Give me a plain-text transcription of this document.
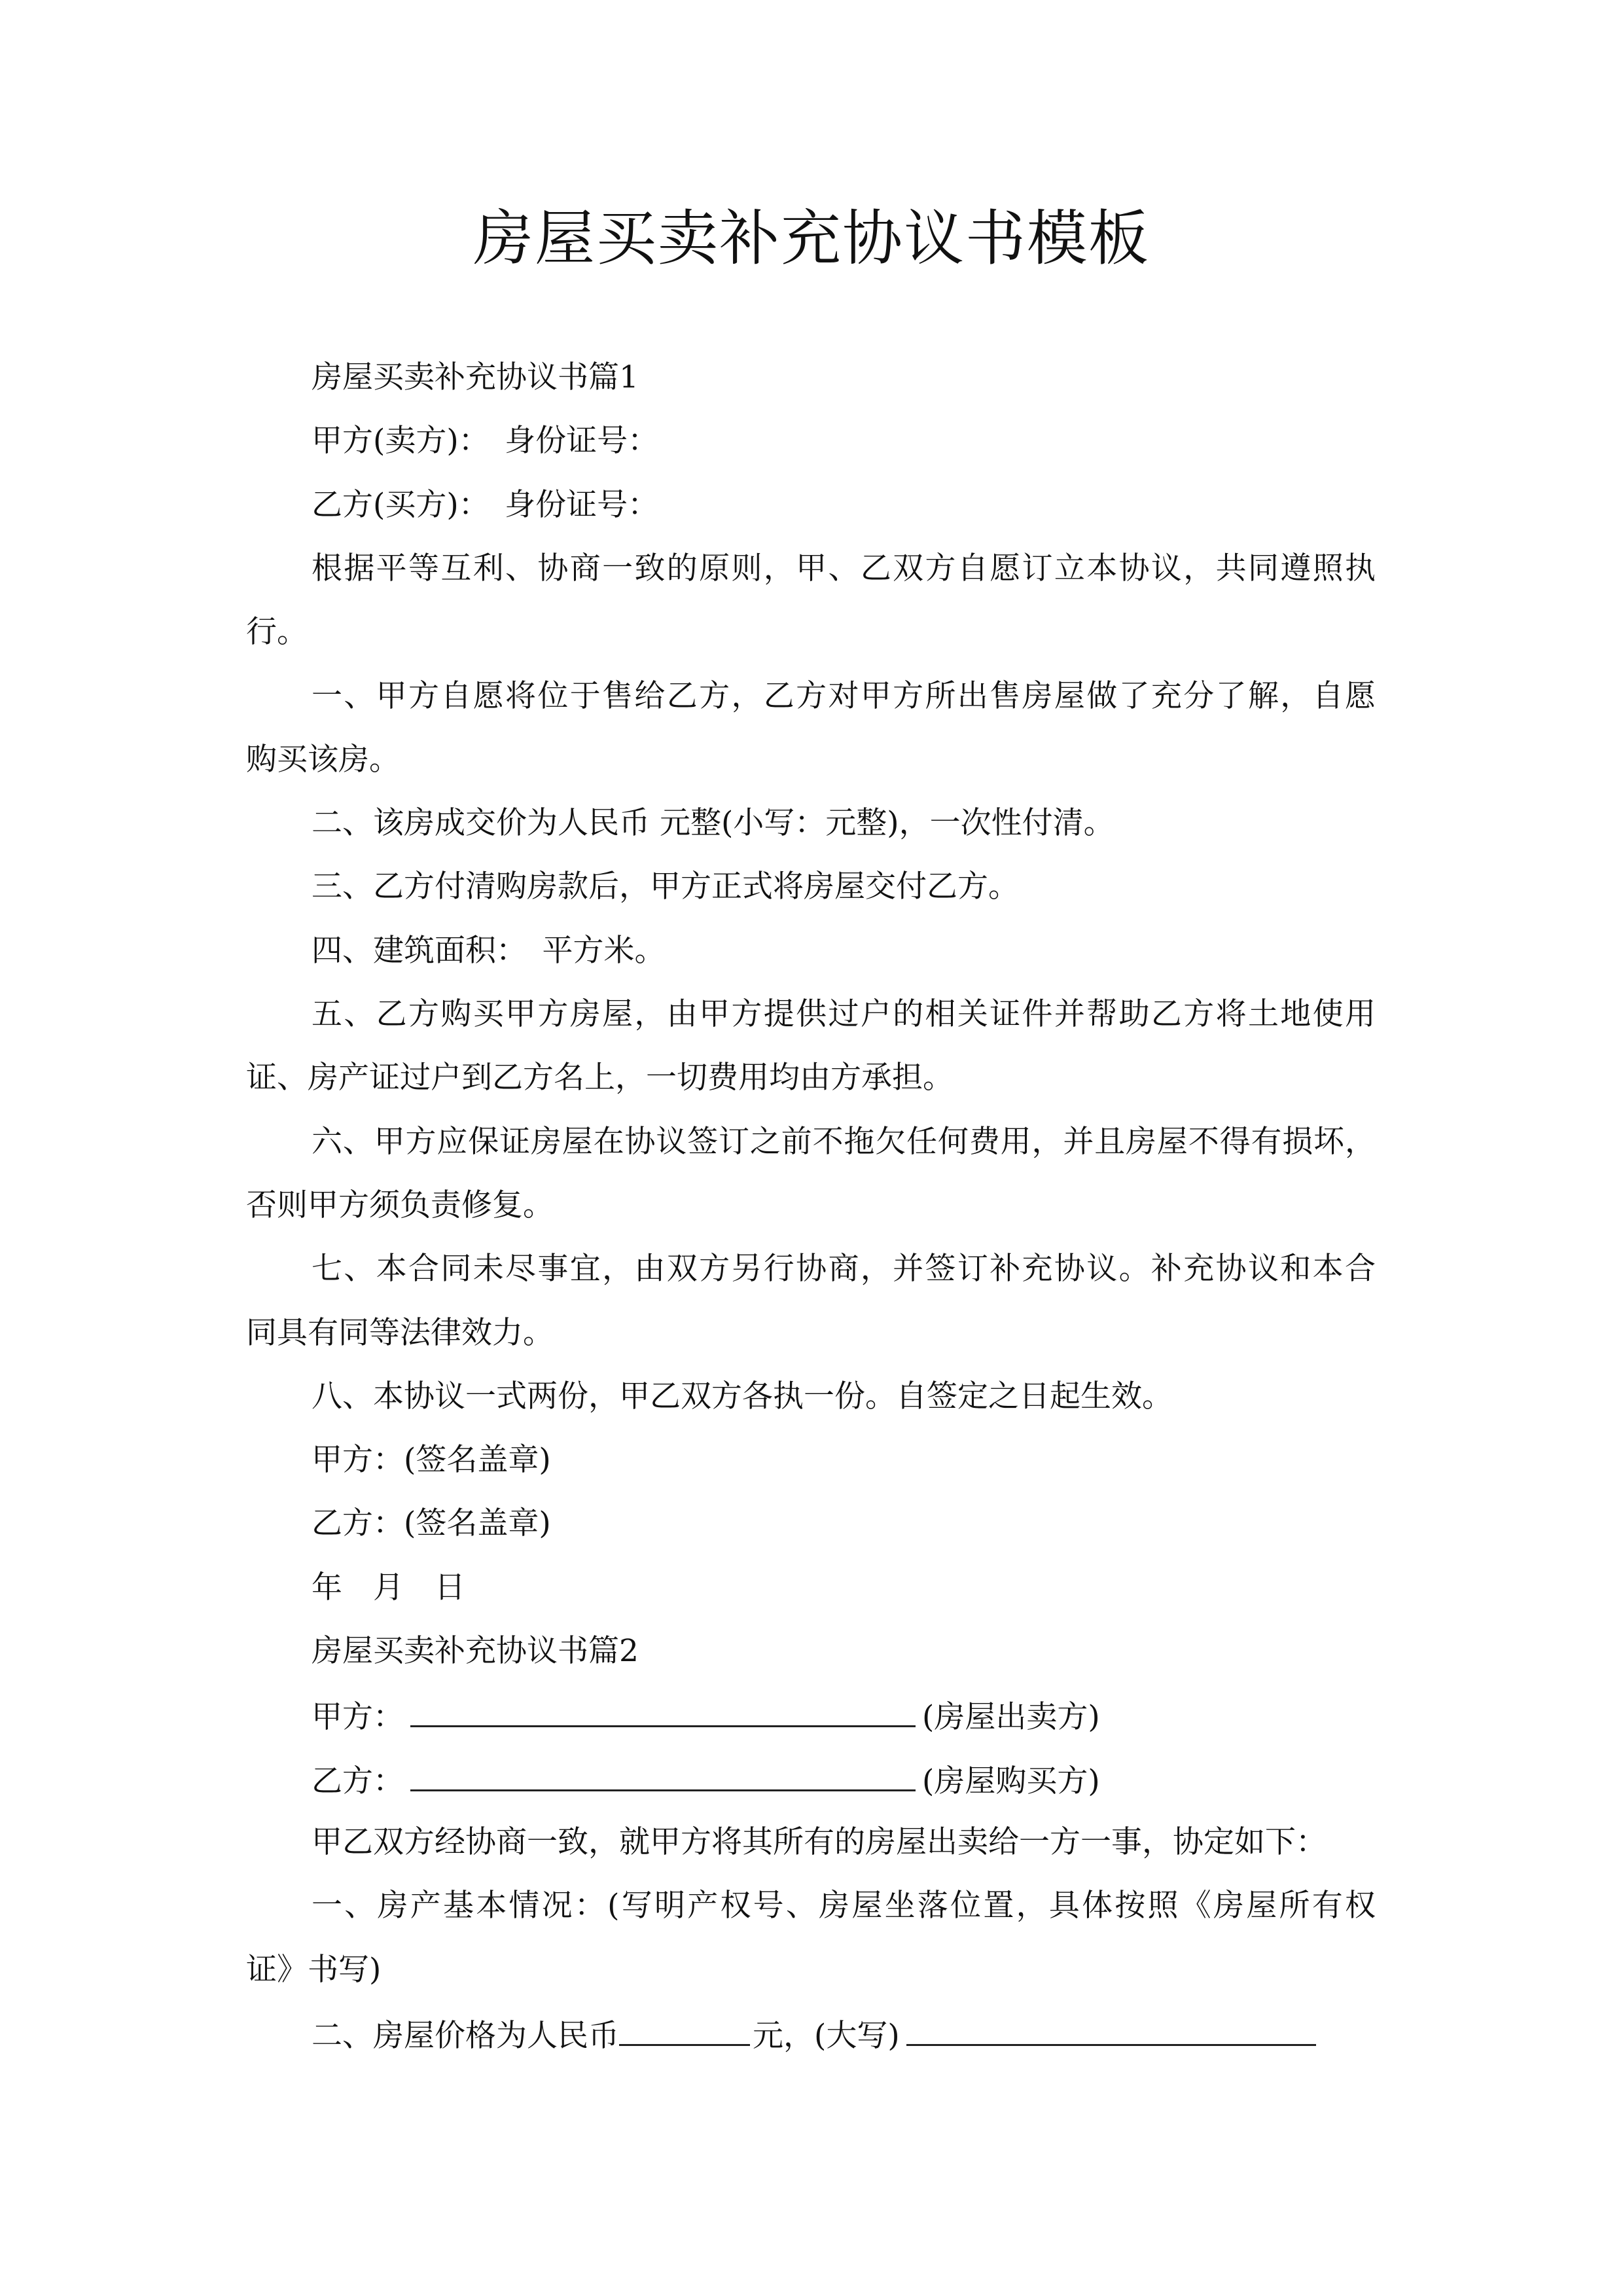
房屋买卖补充协议书模板
房屋买卖补充协议书篇1
甲方(卖方)：　身份证号：
乙方(买方)：　身份证号：
根据平等互利、协商一致的原则，甲、乙双方自愿订立本协议，共同遵照执
行。
一、甲方自愿将位于售给乙方，乙方对甲方所出售房屋做了充分了解，自愿
购买该房。
二、该房成交价为人民币 元整(小写：元整)，一次性付清。
三、乙方付清购房款后，甲方正式将房屋交付乙方。
四、建筑面积：　平方米。
五、乙方购买甲方房屋，由甲方提供过户的相关证件并帮助乙方将土地使用
证、房产证过户到乙方名上，一切费用均由方承担。
六、甲方应保证房屋在协议签订之前不拖欠任何费用，并且房屋不得有损坏，
否则甲方须负责修复。
七、本合同未尽事宜，由双方另行协商，并签订补充协议。补充协议和本合
同具有同等法律效力。
八、本协议一式两份，甲乙双方各执一份。自签定之日起生效。
甲方：(签名盖章)
乙方：(签名盖章)
年　月　日
房屋买卖补充协议书篇2
甲方：	(房屋出卖方)
乙方：	(房屋购买方)
甲乙双方经协商一致，就甲方将其所有的房屋出卖给一方一事，协定如下：
一、房产基本情况：(写明产权号、房屋坐落位置，具体按照《房屋所有权
证》书写)
二、房屋价格为人民币	元，(大写)
